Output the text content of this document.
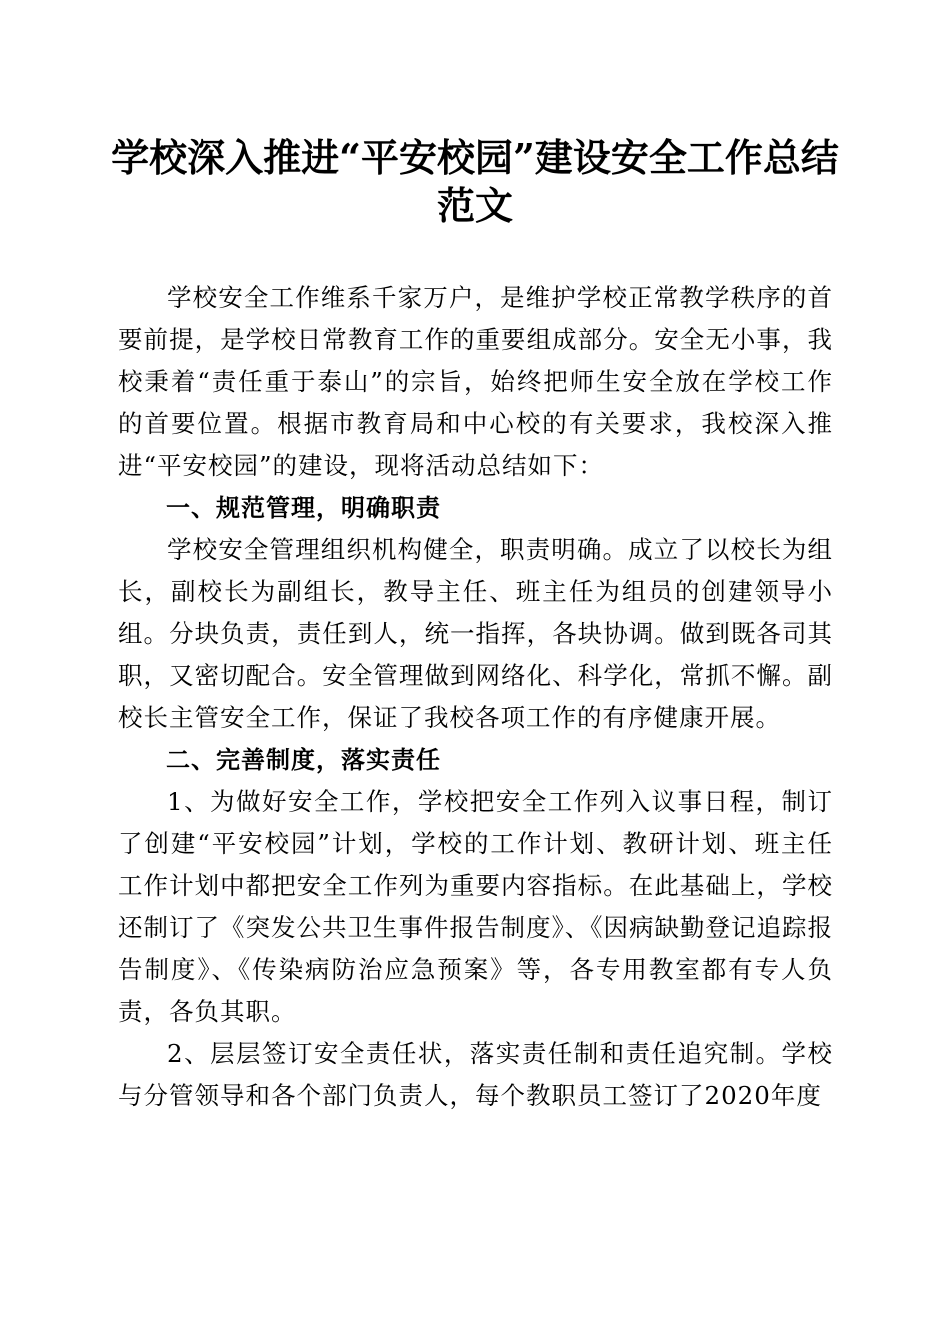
学校深入推进“平安校园”建设安全工作总结
范文

学校安全工作维系千家万户，是维护学校正常教学秩序的首要前提，是学校日常教育工作的重要组成部分。安全无小事，我校秉着“责任重于泰山”的宗旨，始终把师生安全放在学校工作的首要位置。根据市教育局和中心校的有关要求，我校深入推进“平安校园”的建设，现将活动总结如下：

一、规范管理，明确职责

学校安全管理组织机构健全，职责明确。成立了以校长为组长，副校长为副组长，教导主任、班主任为组员的创建领导小组。分块负责，责任到人，统一指挥，各块协调。做到既各司其职，又密切配合。安全管理做到网络化、科学化，常抓不懈。副校长主管安全工作，保证了我校各项工作的有序健康开展。

二、完善制度，落实责任

1、为做好安全工作，学校把安全工作列入议事日程，制订了创建“平安校园”计划，学校的工作计划、教研计划、班主任工作计划中都把安全工作列为重要内容指标。在此基础上，学校还制订了《突发公共卫生事件报告制度》、《因病缺勤登记追踪报告制度》、《传染病防治应急预案》等，各专用教室都有专人负责，各负其职。

2、层层签订安全责任状，落实责任制和责任追究制。学校与分管领导和各个部门负责人，每个教职员工签订了2020年度
